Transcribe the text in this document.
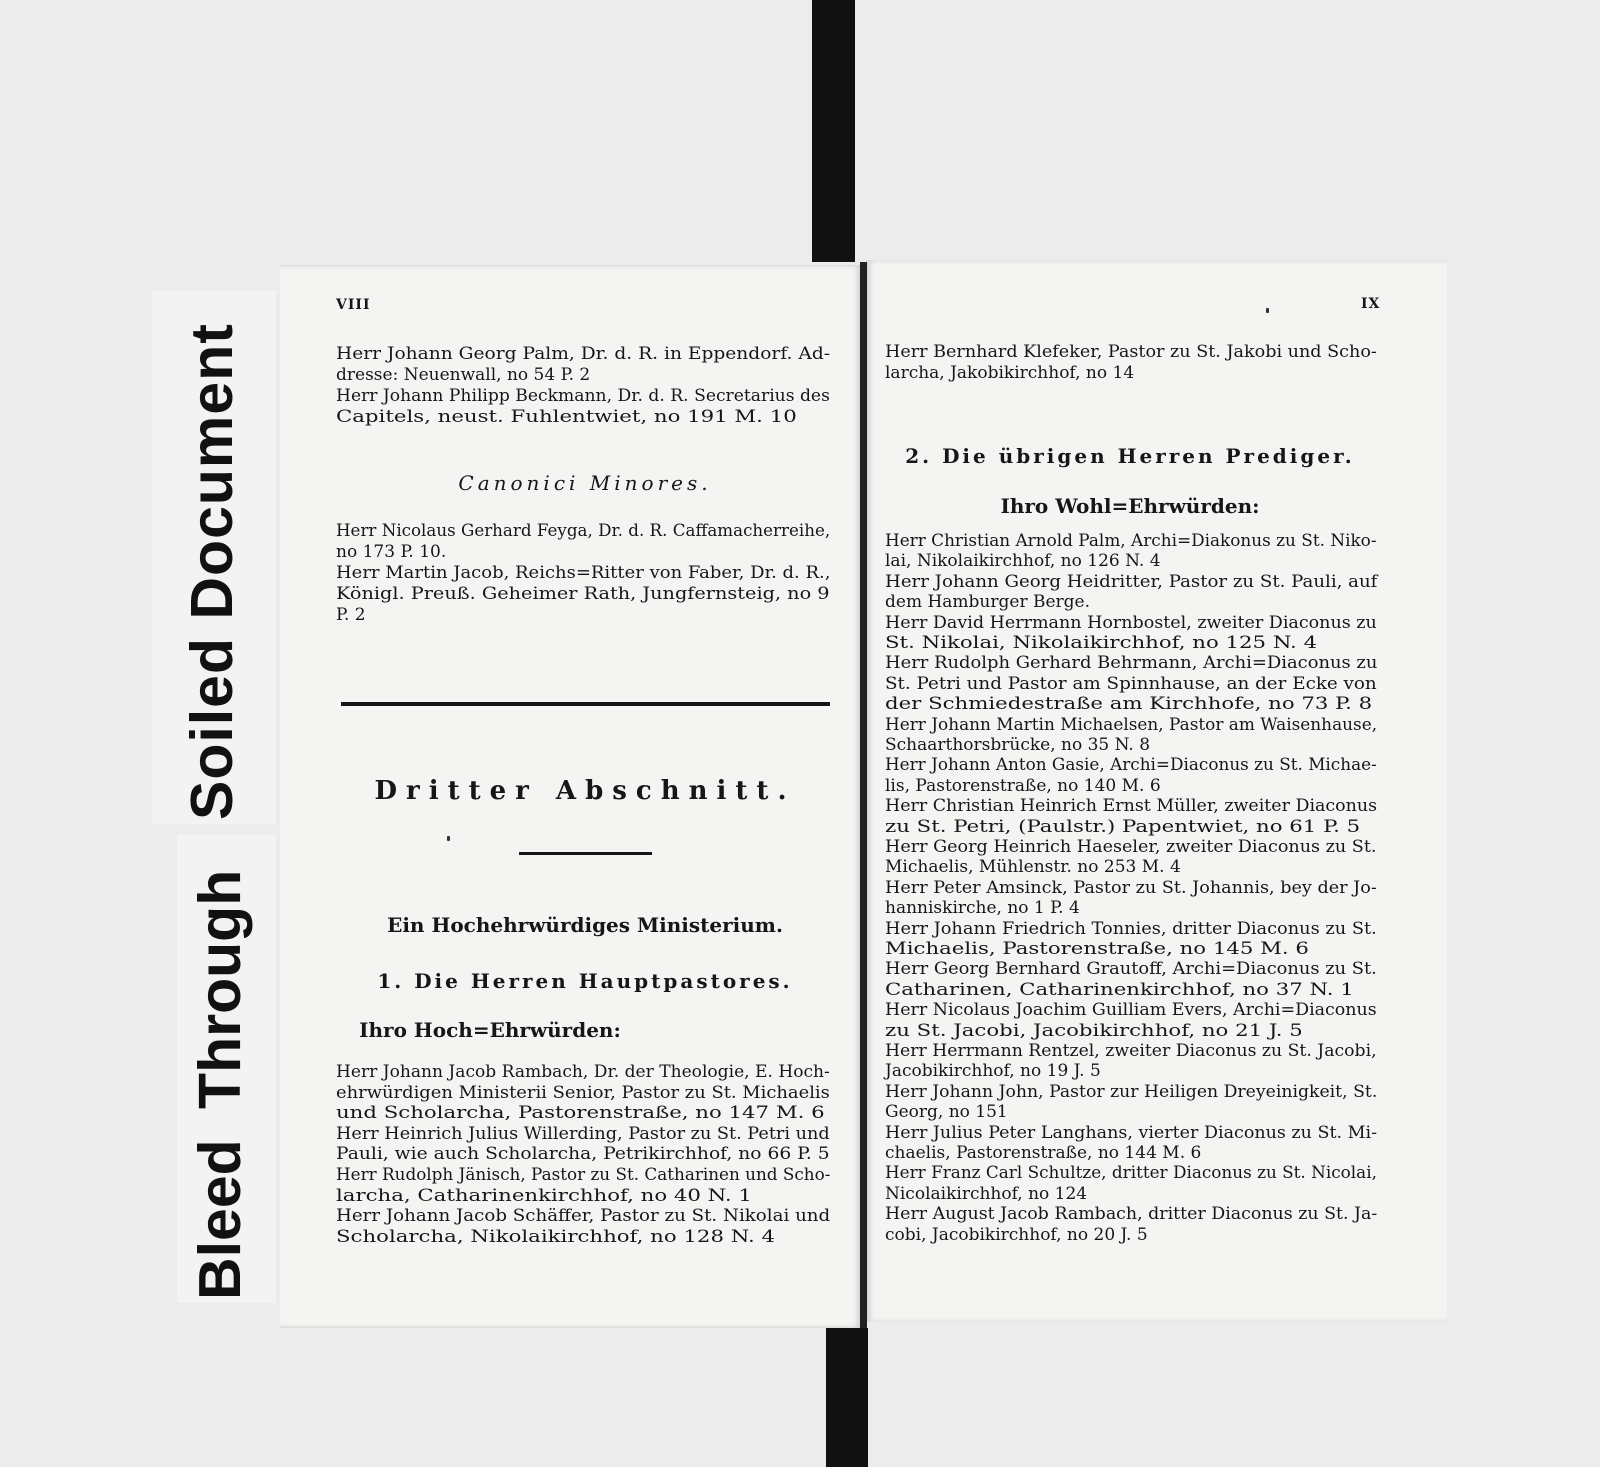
Soiled Document
Bleed Through
VIII
Herr Johann Georg Palm, Dr. d. R. in Eppendorf. Ad-
dresse: Neuenwall, no 54 P. 2
Herr Johann Philipp Beckmann, Dr. d. R. Secretarius des
Capitels, neust. Fuhlentwiet, no 191 M. 10
Canonici Minores.
Herr Nicolaus Gerhard Feyga, Dr. d. R. Caffamacherreihe,
no 173 P. 10.
Herr Martin Jacob, Reichs=Ritter von Faber, Dr. d. R.,
Königl. Preuß. Geheimer Rath, Jungfernsteig, no 9
P. 2
Dritter Abschnitt.
Ein Hochehrwürdiges Ministerium.
1. Die Herren Hauptpastores.
Ihro Hoch=Ehrwürden:
Herr Johann Jacob Rambach, Dr. der Theologie, E. Hoch-
ehrwürdigen Ministerii Senior, Pastor zu St. Michaelis
und Scholarcha, Pastorenstraße, no 147 M. 6
Herr Heinrich Julius Willerding, Pastor zu St. Petri und
Pauli, wie auch Scholarcha, Petrikirchhof, no 66 P. 5
Herr Rudolph Jänisch, Pastor zu St. Catharinen und Scho-
larcha, Catharinenkirchhof, no 40 N. 1
Herr Johann Jacob Schäffer, Pastor zu St. Nikolai und
Scholarcha, Nikolaikirchhof, no 128 N. 4
IX
Herr Bernhard Klefeker, Pastor zu St. Jakobi und Scho-
larcha, Jakobikirchhof, no 14
2. Die übrigen Herren Prediger.
Ihro Wohl=Ehrwürden:
Herr Christian Arnold Palm, Archi=Diakonus zu St. Niko-
lai, Nikolaikirchhof, no 126 N. 4
Herr Johann Georg Heidritter, Pastor zu St. Pauli, auf
dem Hamburger Berge.
Herr David Herrmann Hornbostel, zweiter Diaconus zu
St. Nikolai, Nikolaikirchhof, no 125 N. 4
Herr Rudolph Gerhard Behrmann, Archi=Diaconus zu
St. Petri und Pastor am Spinnhause, an der Ecke von
der Schmiedestraße am Kirchhofe, no 73 P. 8
Herr Johann Martin Michaelsen, Pastor am Waisenhause,
Schaarthorsbrücke, no 35 N. 8
Herr Johann Anton Gasie, Archi=Diaconus zu St. Michae-
lis, Pastorenstraße, no 140 M. 6
Herr Christian Heinrich Ernst Müller, zweiter Diaconus
zu St. Petri, (Paulstr.) Papentwiet, no 61 P. 5
Herr Georg Heinrich Haeseler, zweiter Diaconus zu St.
Michaelis, Mühlenstr. no 253 M. 4
Herr Peter Amsinck, Pastor zu St. Johannis, bey der Jo-
hanniskirche, no 1 P. 4
Herr Johann Friedrich Tonnies, dritter Diaconus zu St.
Michaelis, Pastorenstraße, no 145 M. 6
Herr Georg Bernhard Grautoff, Archi=Diaconus zu St.
Catharinen, Catharinenkirchhof, no 37 N. 1
Herr Nicolaus Joachim Guilliam Evers, Archi=Diaconus
zu St. Jacobi, Jacobikirchhof, no 21 J. 5
Herr Herrmann Rentzel, zweiter Diaconus zu St. Jacobi,
Jacobikirchhof, no 19 J. 5
Herr Johann John, Pastor zur Heiligen Dreyeinigkeit, St.
Georg, no 151
Herr Julius Peter Langhans, vierter Diaconus zu St. Mi-
chaelis, Pastorenstraße, no 144 M. 6
Herr Franz Carl Schultze, dritter Diaconus zu St. Nicolai,
Nicolaikirchhof, no 124
Herr August Jacob Rambach, dritter Diaconus zu St. Ja-
cobi, Jacobikirchhof, no 20 J. 5
